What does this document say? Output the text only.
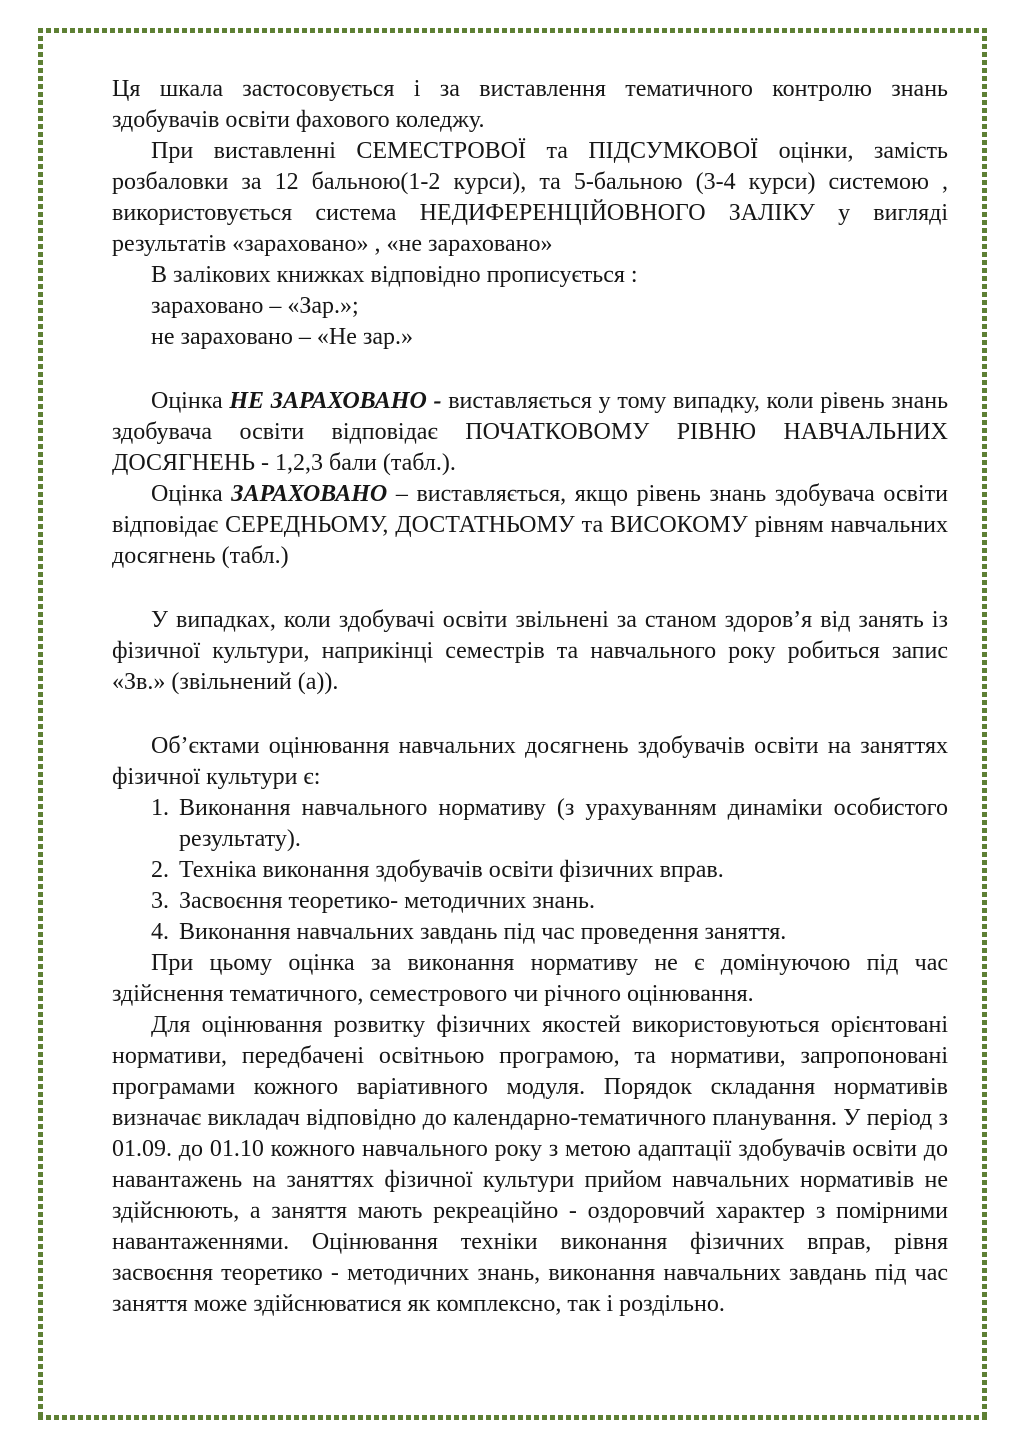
Ця шкала застосовується і за виставлення тематичного контролю знань здобувачів освіти фахового коледжу.

При виставленні СЕМЕСТРОВОЇ та ПІДСУМКОВОЇ оцінки, замість розбаловки за 12 бальною(1-2 курси), та 5-бальною (3-4 курси) системою , використовується система НЕДИФЕРЕНЦІЙОВНОГО ЗАЛІКУ у вигляді результатів «зараховано» , «не зараховано»

В залікових книжках відповідно прописується :

зараховано – «Зар.»;

не зараховано – «Не зар.»

Оцінка НЕ ЗАРАХОВАНО - виставляється у тому випадку, коли рівень знань здобувача освіти відповідає ПОЧАТКОВОМУ РІВНЮ НАВЧАЛЬНИХ ДОСЯГНЕНЬ - 1,2,3 бали (табл.).

Оцінка ЗАРАХОВАНО – виставляється, якщо рівень знань здобувача освіти відповідає СЕРЕДНЬОМУ, ДОСТАТНЬОМУ та ВИСОКОМУ рівням навчальних досягнень (табл.)

У випадках, коли здобувачі освіти звільнені за станом здоров’я від занять із фізичної культури, наприкінці семестрів та навчального року робиться запис «Зв.» (звільнений (а)).

Об’єктами оцінювання навчальних досягнень здобувачів освіти на заняттях фізичної культури є:

1. Виконання навчального нормативу (з урахуванням динаміки особистого результату).
2. Техніка виконання здобувачів освіти фізичних вправ.
3. Засвоєння теоретико- методичних знань.
4. Виконання навчальних завдань під час проведення заняття.

При цьому оцінка за виконання нормативу не є домінуючою під час здійснення тематичного, семестрового чи річного оцінювання.

Для оцінювання розвитку фізичних якостей використовуються орієнтовані нормативи, передбачені освітньою програмою, та нормативи, запропоновані програмами кожного варіативного модуля. Порядок складання нормативів визначає викладач відповідно до календарно-тематичного планування. У період з 01.09. до 01.10 кожного навчального року з метою адаптації здобувачів освіти до навантажень на заняттях фізичної культури прийом навчальних нормативів не здійснюють, а заняття мають рекреаційно - оздоровчий характер з помірними навантаженнями. Оцінювання техніки виконання фізичних вправ, рівня засвоєння теоретико - методичних знань, виконання навчальних завдань під час заняття може здійснюватися як комплексно, так і роздільно.
